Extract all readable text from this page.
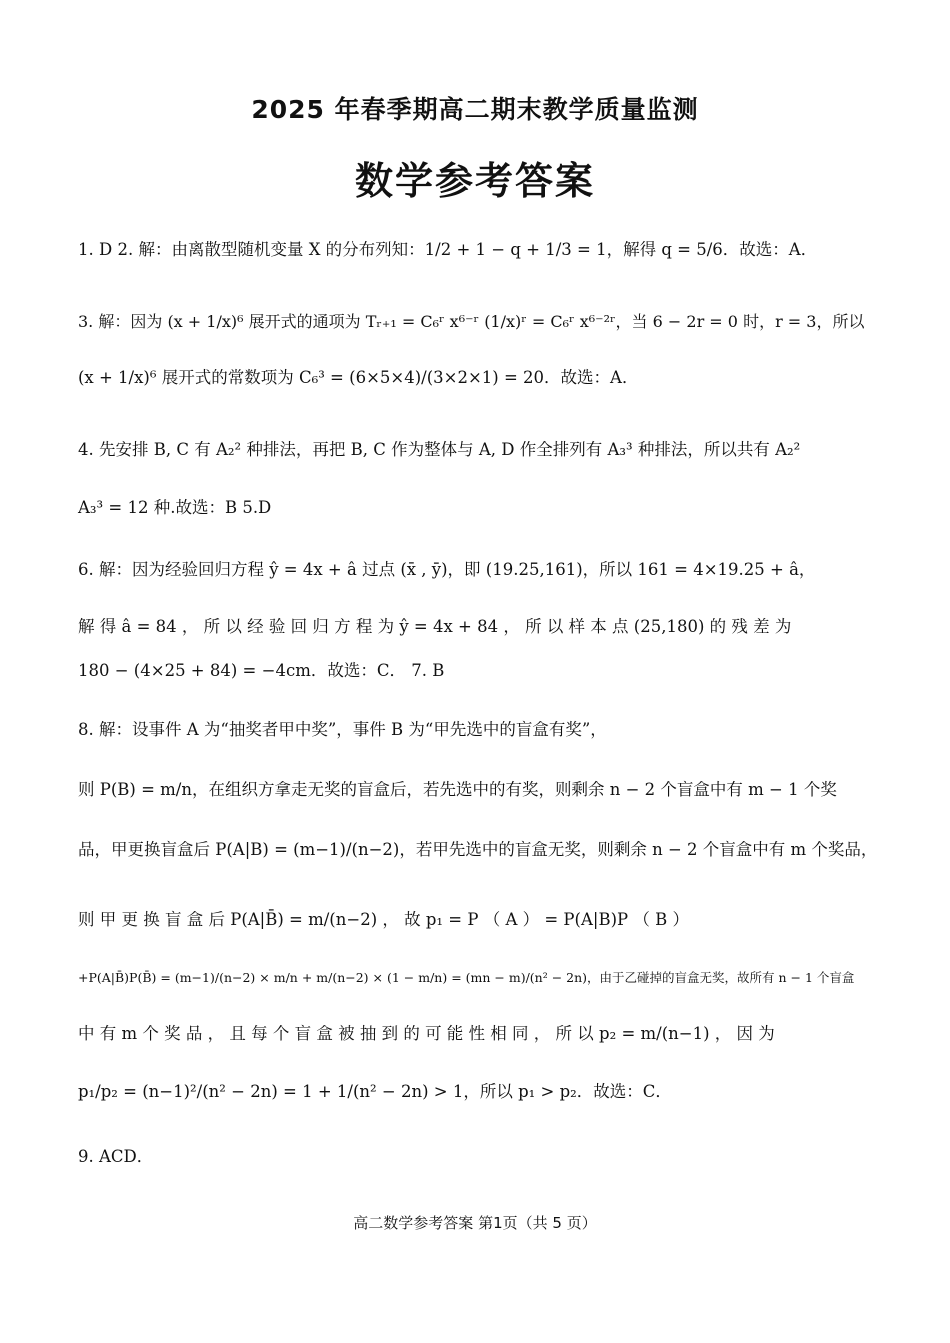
2025 年春季期高二期末教学质量监测
数学参考答案
1. D 2. 解：由离散型随机变量 X 的分布列知：1/2 + 1 − q + 1/3 = 1，解得 q = 5/6．故选：A．
3. 解：因为 (x + 1/x)⁶ 展开式的通项为 Tᵣ₊₁ = C₆ʳ x⁶⁻ʳ (1/x)ʳ = C₆ʳ x⁶⁻²ʳ，当 6 − 2r = 0 时，r = 3，所以
(x + 1/x)⁶ 展开式的常数项为 C₆³ = (6×5×4)/(3×2×1) = 20．故选：A．
4. 先安排 B, C 有 A₂² 种排法，再把 B, C 作为整体与 A, D 作全排列有 A₃³ 种排法，所以共有 A₂²
A₃³ = 12 种.故选：B 5.D
6. 解：因为经验回归方程 ŷ = 4x + â 过点 (x̄ , ȳ)，即 (19.25,161)，所以 161 = 4×19.25 + â，
解 得 â = 84 ， 所 以 经 验 回 归 方 程 为 ŷ = 4x + 84 ， 所 以 样 本 点 (25,180) 的 残 差 为
180 − (4×25 + 84) = −4cm．故选：C． 7. B
8. 解：设事件 A 为“抽奖者甲中奖”，事件 B 为“甲先选中的盲盒有奖”，
则 P(B) = m/n，在组织方拿走无奖的盲盒后，若先选中的有奖，则剩余 n − 2 个盲盒中有 m − 1 个奖
品，甲更换盲盒后 P(A|B) = (m−1)/(n−2)，若甲先选中的盲盒无奖，则剩余 n − 2 个盲盒中有 m 个奖品，
则 甲 更 换 盲 盒 后 P(A|B̄) = m/(n−2) ， 故 p₁ = P （ A ） = P(A|B)P （ B ）
+P(A|B̄)P(B̄) = (m−1)/(n−2) × m/n + m/(n−2) × (1 − m/n) = (mn − m)/(n² − 2n)，由于乙碰掉的盲盒无奖，故所有 n − 1 个盲盒
中 有 m 个 奖 品 ， 且 每 个 盲 盒 被 抽 到 的 可 能 性 相 同 ， 所 以 p₂ = m/(n−1) ， 因 为
p₁/p₂ = (n−1)²/(n² − 2n) = 1 + 1/(n² − 2n) > 1，所以 p₁ > p₂．故选：C．
9. ACD．
高二数学参考答案 第1页（共 5 页）
